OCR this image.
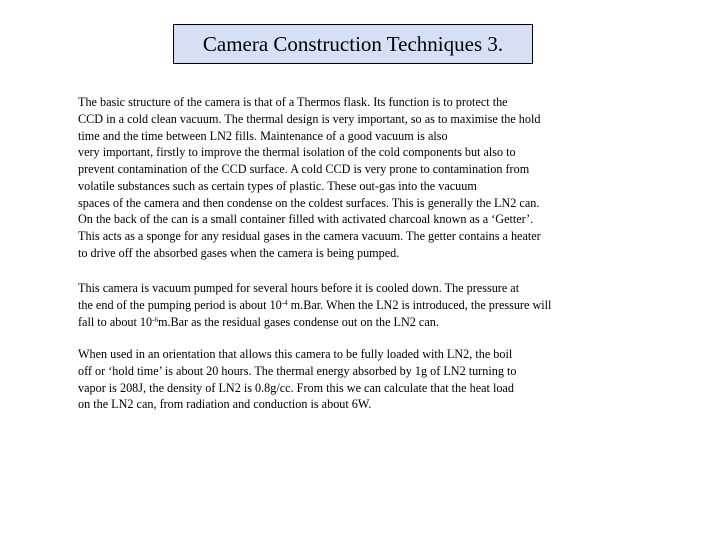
Camera Construction Techniques 3.
The basic structure of the camera is that of a Thermos flask. Its function is to protect the
CCD in a cold clean vacuum. The thermal design is very important, so as to maximise the hold
time and the time between LN2 fills. Maintenance of a good vacuum is also
very important, firstly to improve the thermal isolation of the cold components but also to
prevent contamination of the CCD surface. A cold CCD is very prone to contamination from
volatile substances such as certain types of plastic. These out-gas into the vacuum
spaces of the camera and then condense on the coldest surfaces. This is generally the LN2 can.
On the back of the can is a small container filled with activated charcoal known as a ‘Getter’.
This acts as a sponge for any residual gases in the camera vacuum. The getter contains a heater
to drive off the absorbed gases when the camera is being pumped.
This camera is vacuum pumped for several hours before it is cooled down. The pressure at
the end of the pumping period is about $10^{-4}$ m.Bar. When the LN2 is introduced, the pressure will
fall to about $10^{-6}m.Bar$ as the residual gases condense out on the LN2 can.
When used in an orientation that allows this camera to be fully loaded with LN2, the boil
off or ‘hold time’ is about 20 hours. The thermal energy absorbed by 1g of LN2 turning to
vapor is 208J, the density of LN2 is 0.8g/cc. From this we can calculate that the heat load
on the LN2 can, from radiation and conduction is about 6W.
